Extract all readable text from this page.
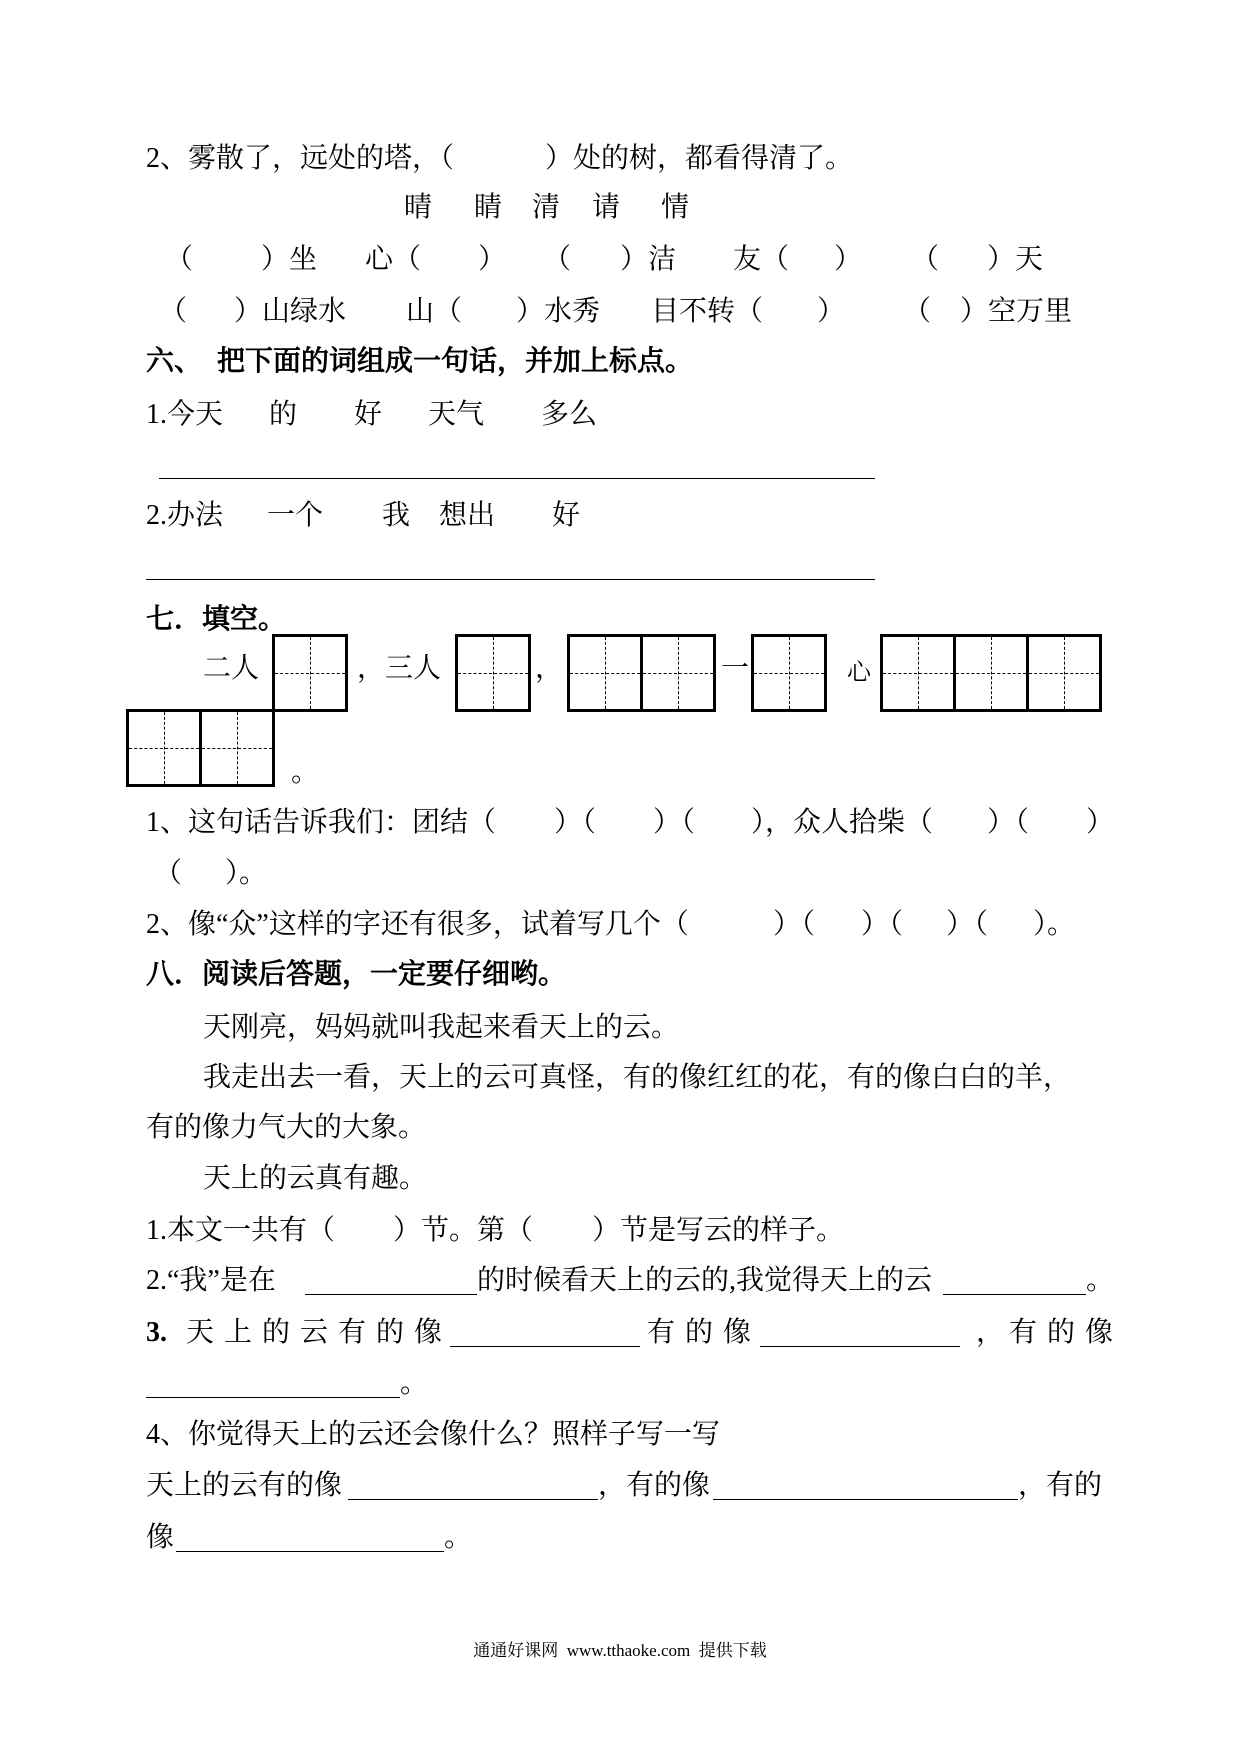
2、雾散了，远处的塔，（	）处的树，都看得清了。
晴 睛 清 请 情
（ ）坐 心（ ） （ ）洁 友（ ） （ ）天
（ ）山绿水 山（ ）水秀 目不转（ ） （ ）空万里
六、 把下面的词组成一句话，并加上标点。
1.今天 的 好 天气 多么
2.办法 一个 我 想出 好
七．填空。
二人	，三人	，	一	心
。
1、这句话告诉我们：团结（ ）（ ）（ ），众人拾柴（ ）（ ）
（ ）。
2、像“众”这样的字还有很多，试着写几个（	）（ ）（ ）（ ）。
八．阅读后答题，一定要仔细哟。
天刚亮，妈妈就叫我起来看天上的云。
我走出去一看，天上的云可真怪，有的像红红的花，有的像白白的羊，
有的像力气大的大象。
天上的云真有趣。
1.本文一共有（ ）节。第（ ）节是写云的样子。
2.“我”是在	的时候看天上的云的,我觉得天上的云	。
3. 天上的云有的像	有的像	， 有的像
。
4、你觉得天上的云还会像什么？照样子写一写
天上的云有的像	，有的像	，有的
像	。
通通好课网  www.tthaoke.com  提供下载
